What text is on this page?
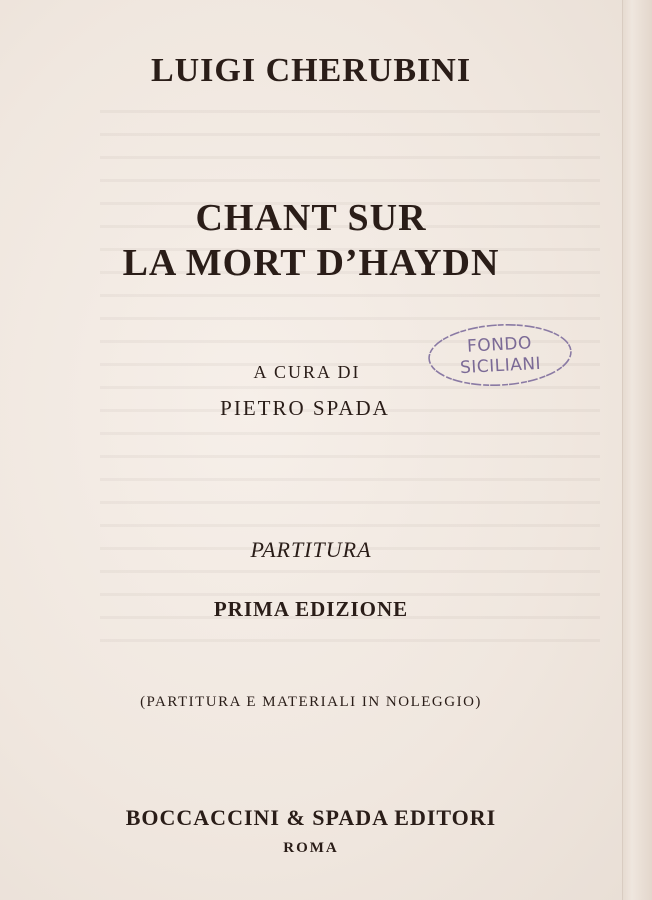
LUIGI CHERUBINI
CHANT SUR
LA MORT D’HAYDN
A CURA DI
PIETRO SPADA
PARTITURA
PRIMA EDIZIONE
(PARTITURA E MATERIALI IN NOLEGGIO)
BOCCACCINI & SPADA EDITORI
ROMA
FONDO
SICILIANI
